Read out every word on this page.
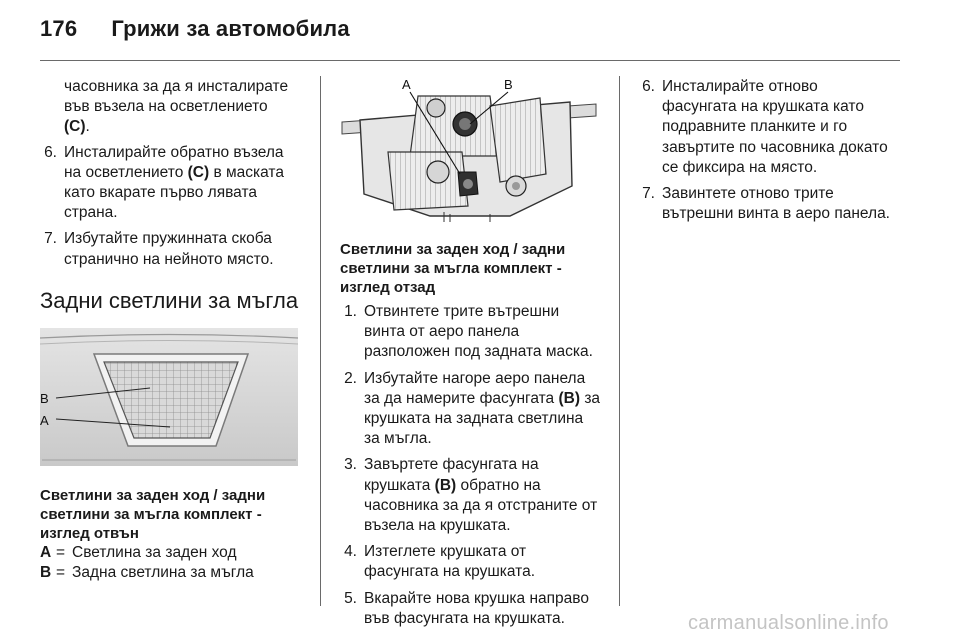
176 Грижи за автомобила

часовника за да я инсталирате

във възела на осветлението

(C).

6. Инсталирайте обратно възела

на осветлението (C) в маската

като вкарате първо лявата

страна.

7. Избутайте пружинната скоба

странично на нейното място.

Задни светлини за мъгла
B
A

Светлини за заден ход / задни

светлини за мъгла комплект -

изглед отвън

A = Светлина за заден ход
B = Задна светлина за мъгла
A	B

Светлини за заден ход / задни

светлини за мъгла комплект -

изглед отзад

1. Отвинтете трите вътрешни

винта от аеро панела

разположен под задната маска.

2. Избутайте нагоре аеро панела

за да намерите фасунгата (B) за

крушката на задната светлина

за мъгла.

3. Завъртете фасунгата на

крушката (B) обратно на

часовника за да я отстраните от

възела на крушката.

4. Изтеглете крушката от

фасунгата на крушката.

5. Вкарайте нова крушка направо

във фасунгата на крушката.

6. Инсталирайте отново

фасунгата на крушката като

подравните планките и го

завъртите по часовника докато

се фиксира на място.

7. Завинтете отново трите

вътрешни винта в аеро панела.

carmanualsonline.info
